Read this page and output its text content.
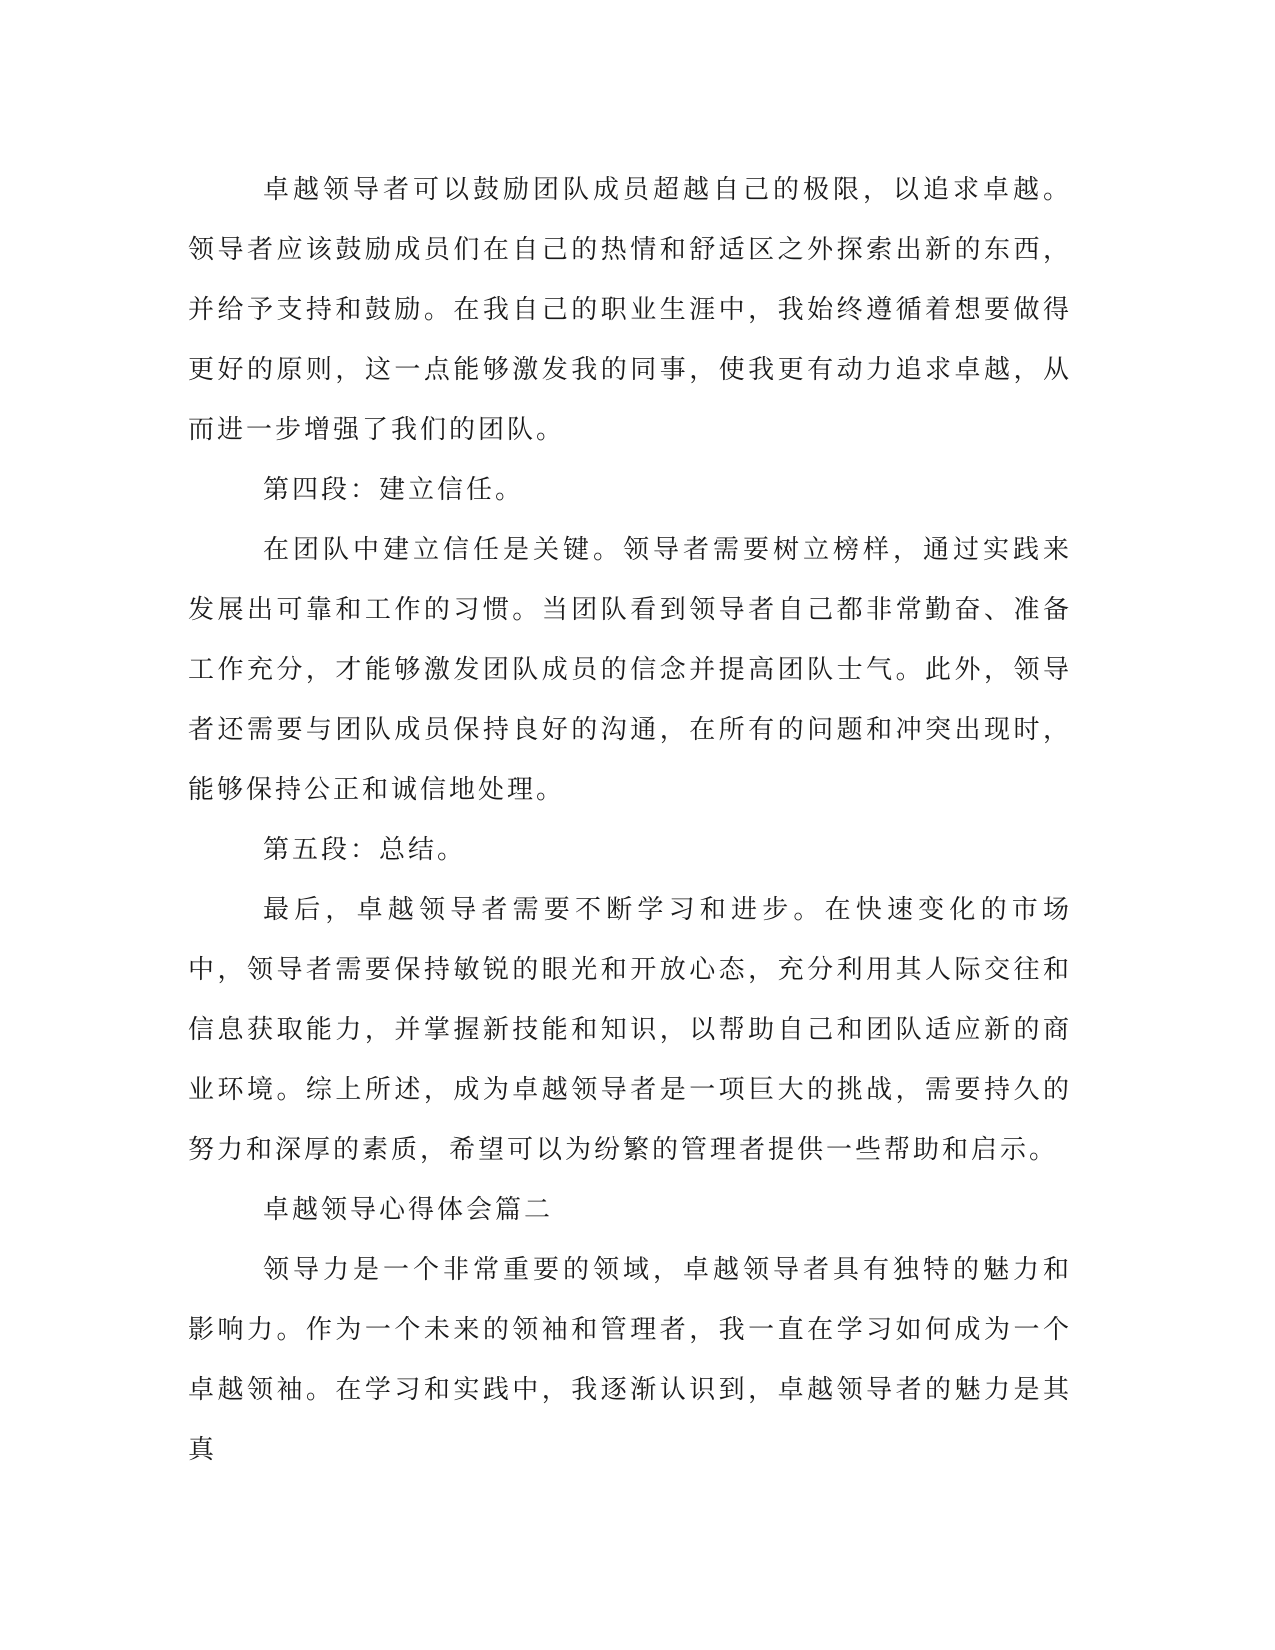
卓越领导者可以鼓励团队成员超越自己的极限，以追求卓越。领导者应该鼓励成员们在自己的热情和舒适区之外探索出新的东西，并给予支持和鼓励。在我自己的职业生涯中，我始终遵循着想要做得更好的原则，这一点能够激发我的同事，使我更有动力追求卓越，从而进一步增强了我们的团队。

第四段：建立信任。

在团队中建立信任是关键。领导者需要树立榜样，通过实践来发展出可靠和工作的习惯。当团队看到领导者自己都非常勤奋、准备工作充分，才能够激发团队成员的信念并提高团队士气。此外，领导者还需要与团队成员保持良好的沟通，在所有的问题和冲突出现时，能够保持公正和诚信地处理。

第五段：总结。

最后，卓越领导者需要不断学习和进步。在快速变化的市场中，领导者需要保持敏锐的眼光和开放心态，充分利用其人际交往和信息获取能力，并掌握新技能和知识，以帮助自己和团队适应新的商业环境。综上所述，成为卓越领导者是一项巨大的挑战，需要持久的努力和深厚的素质，希望可以为纷繁的管理者提供一些帮助和启示。

卓越领导心得体会篇二

领导力是一个非常重要的领域，卓越领导者具有独特的魅力和影响力。作为一个未来的领袖和管理者，我一直在学习如何成为一个卓越领袖。在学习和实践中，我逐渐认识到，卓越领导者的魅力是其真
